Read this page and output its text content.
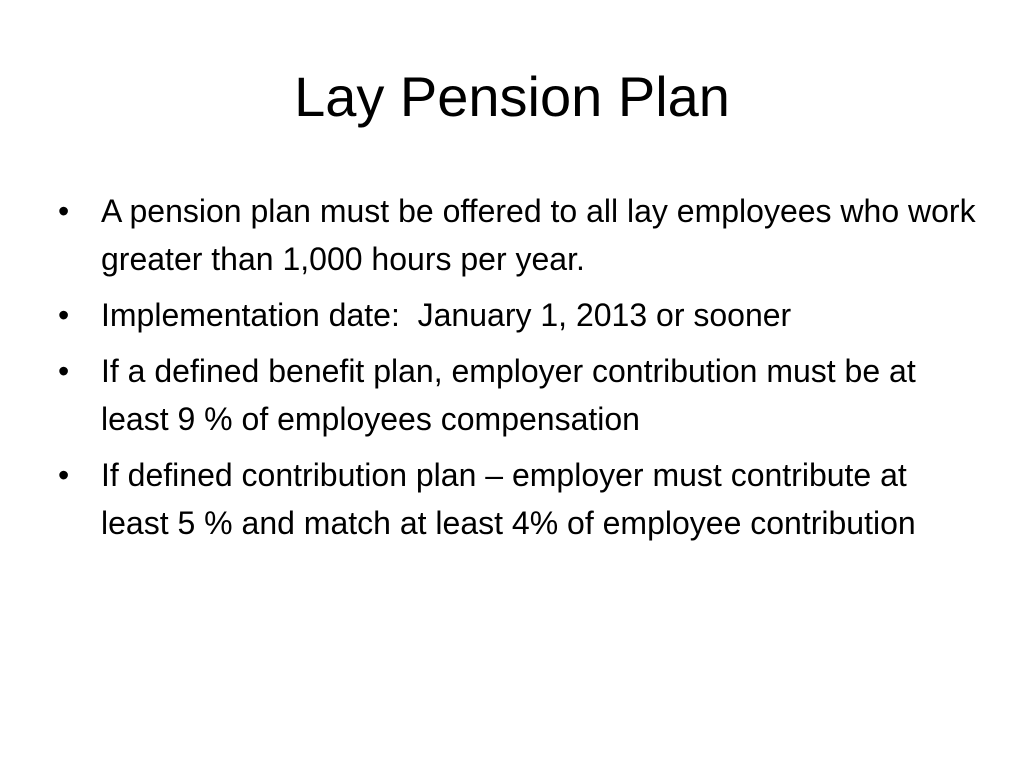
Lay Pension Plan
• A pension plan must be offered to all lay employees who work greater than 1,000 hours per year.
• Implementation date:  January 1, 2013 or sooner
• If a defined benefit plan, employer contribution must be at least 9 % of employees compensation
• If defined contribution plan – employer must contribute at least 5 % and match at least 4% of employee contribution
